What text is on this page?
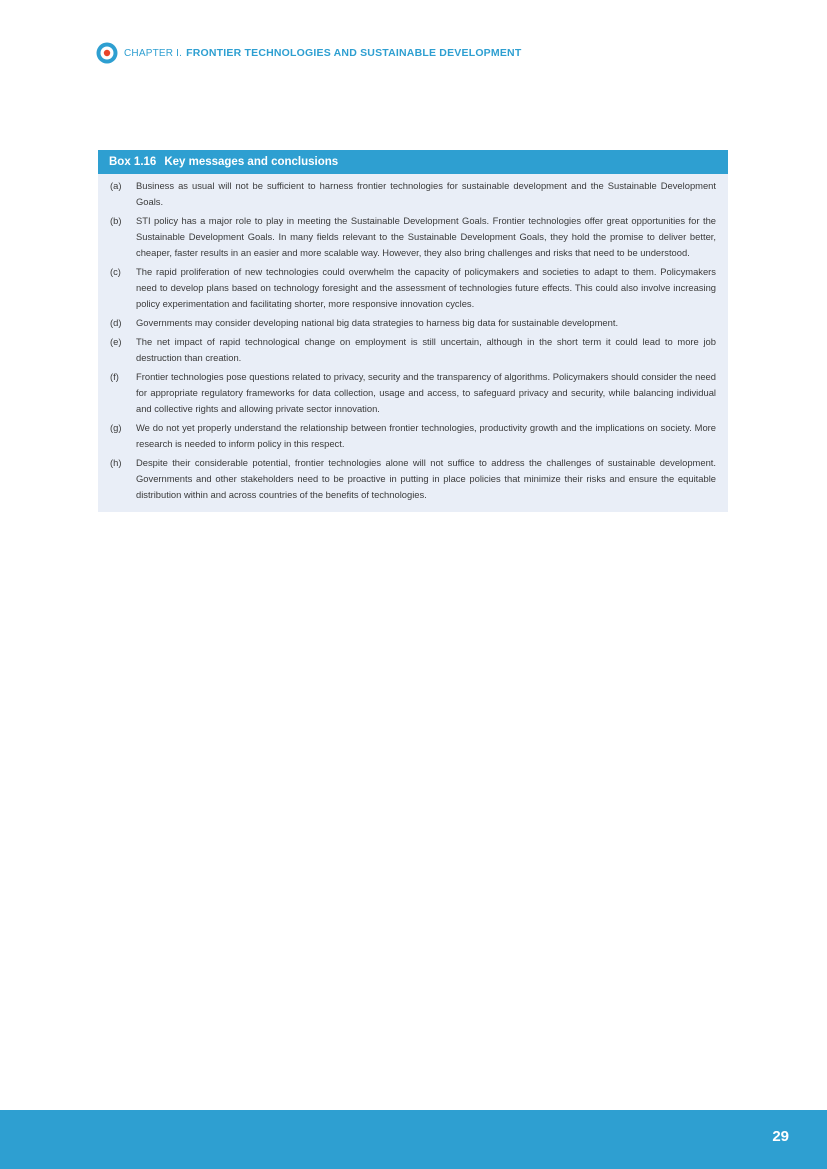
CHAPTER I. FRONTIER TECHNOLOGIES AND SUSTAINABLE DEVELOPMENT
Box 1.16 Key messages and conclusions
(a)	Business as usual will not be sufficient to harness frontier technologies for sustainable development and the Sustainable Development Goals.
(b)	STI policy has a major role to play in meeting the Sustainable Development Goals. Frontier technologies offer great opportunities for the Sustainable Development Goals. In many fields relevant to the Sustainable Development Goals, they hold the promise to deliver better, cheaper, faster results in an easier and more scalable way. However, they also bring challenges and risks that need to be understood.
(c)	The rapid proliferation of new technologies could overwhelm the capacity of policymakers and societies to adapt to them. Policymakers need to develop plans based on technology foresight and the assessment of technologies future effects. This could also involve increasing policy experimentation and facilitating shorter, more responsive innovation cycles.
(d)	Governments may consider developing national big data strategies to harness big data for sustainable development.
(e)	The net impact of rapid technological change on employment is still uncertain, although in the short term it could lead to more job destruction than creation.
(f)	Frontier technologies pose questions related to privacy, security and the transparency of algorithms. Policymakers should consider the need for appropriate regulatory frameworks for data collection, usage and access, to safeguard privacy and security, while balancing individual and collective rights and allowing private sector innovation.
(g)	We do not yet properly understand the relationship between frontier technologies, productivity growth and the implications on society. More research is needed to inform policy in this respect.
(h)	Despite their considerable potential, frontier technologies alone will not suffice to address the challenges of sustainable development. Governments and other stakeholders need to be proactive in putting in place policies that minimize their risks and ensure the equitable distribution within and across countries of the benefits of technologies.
29
